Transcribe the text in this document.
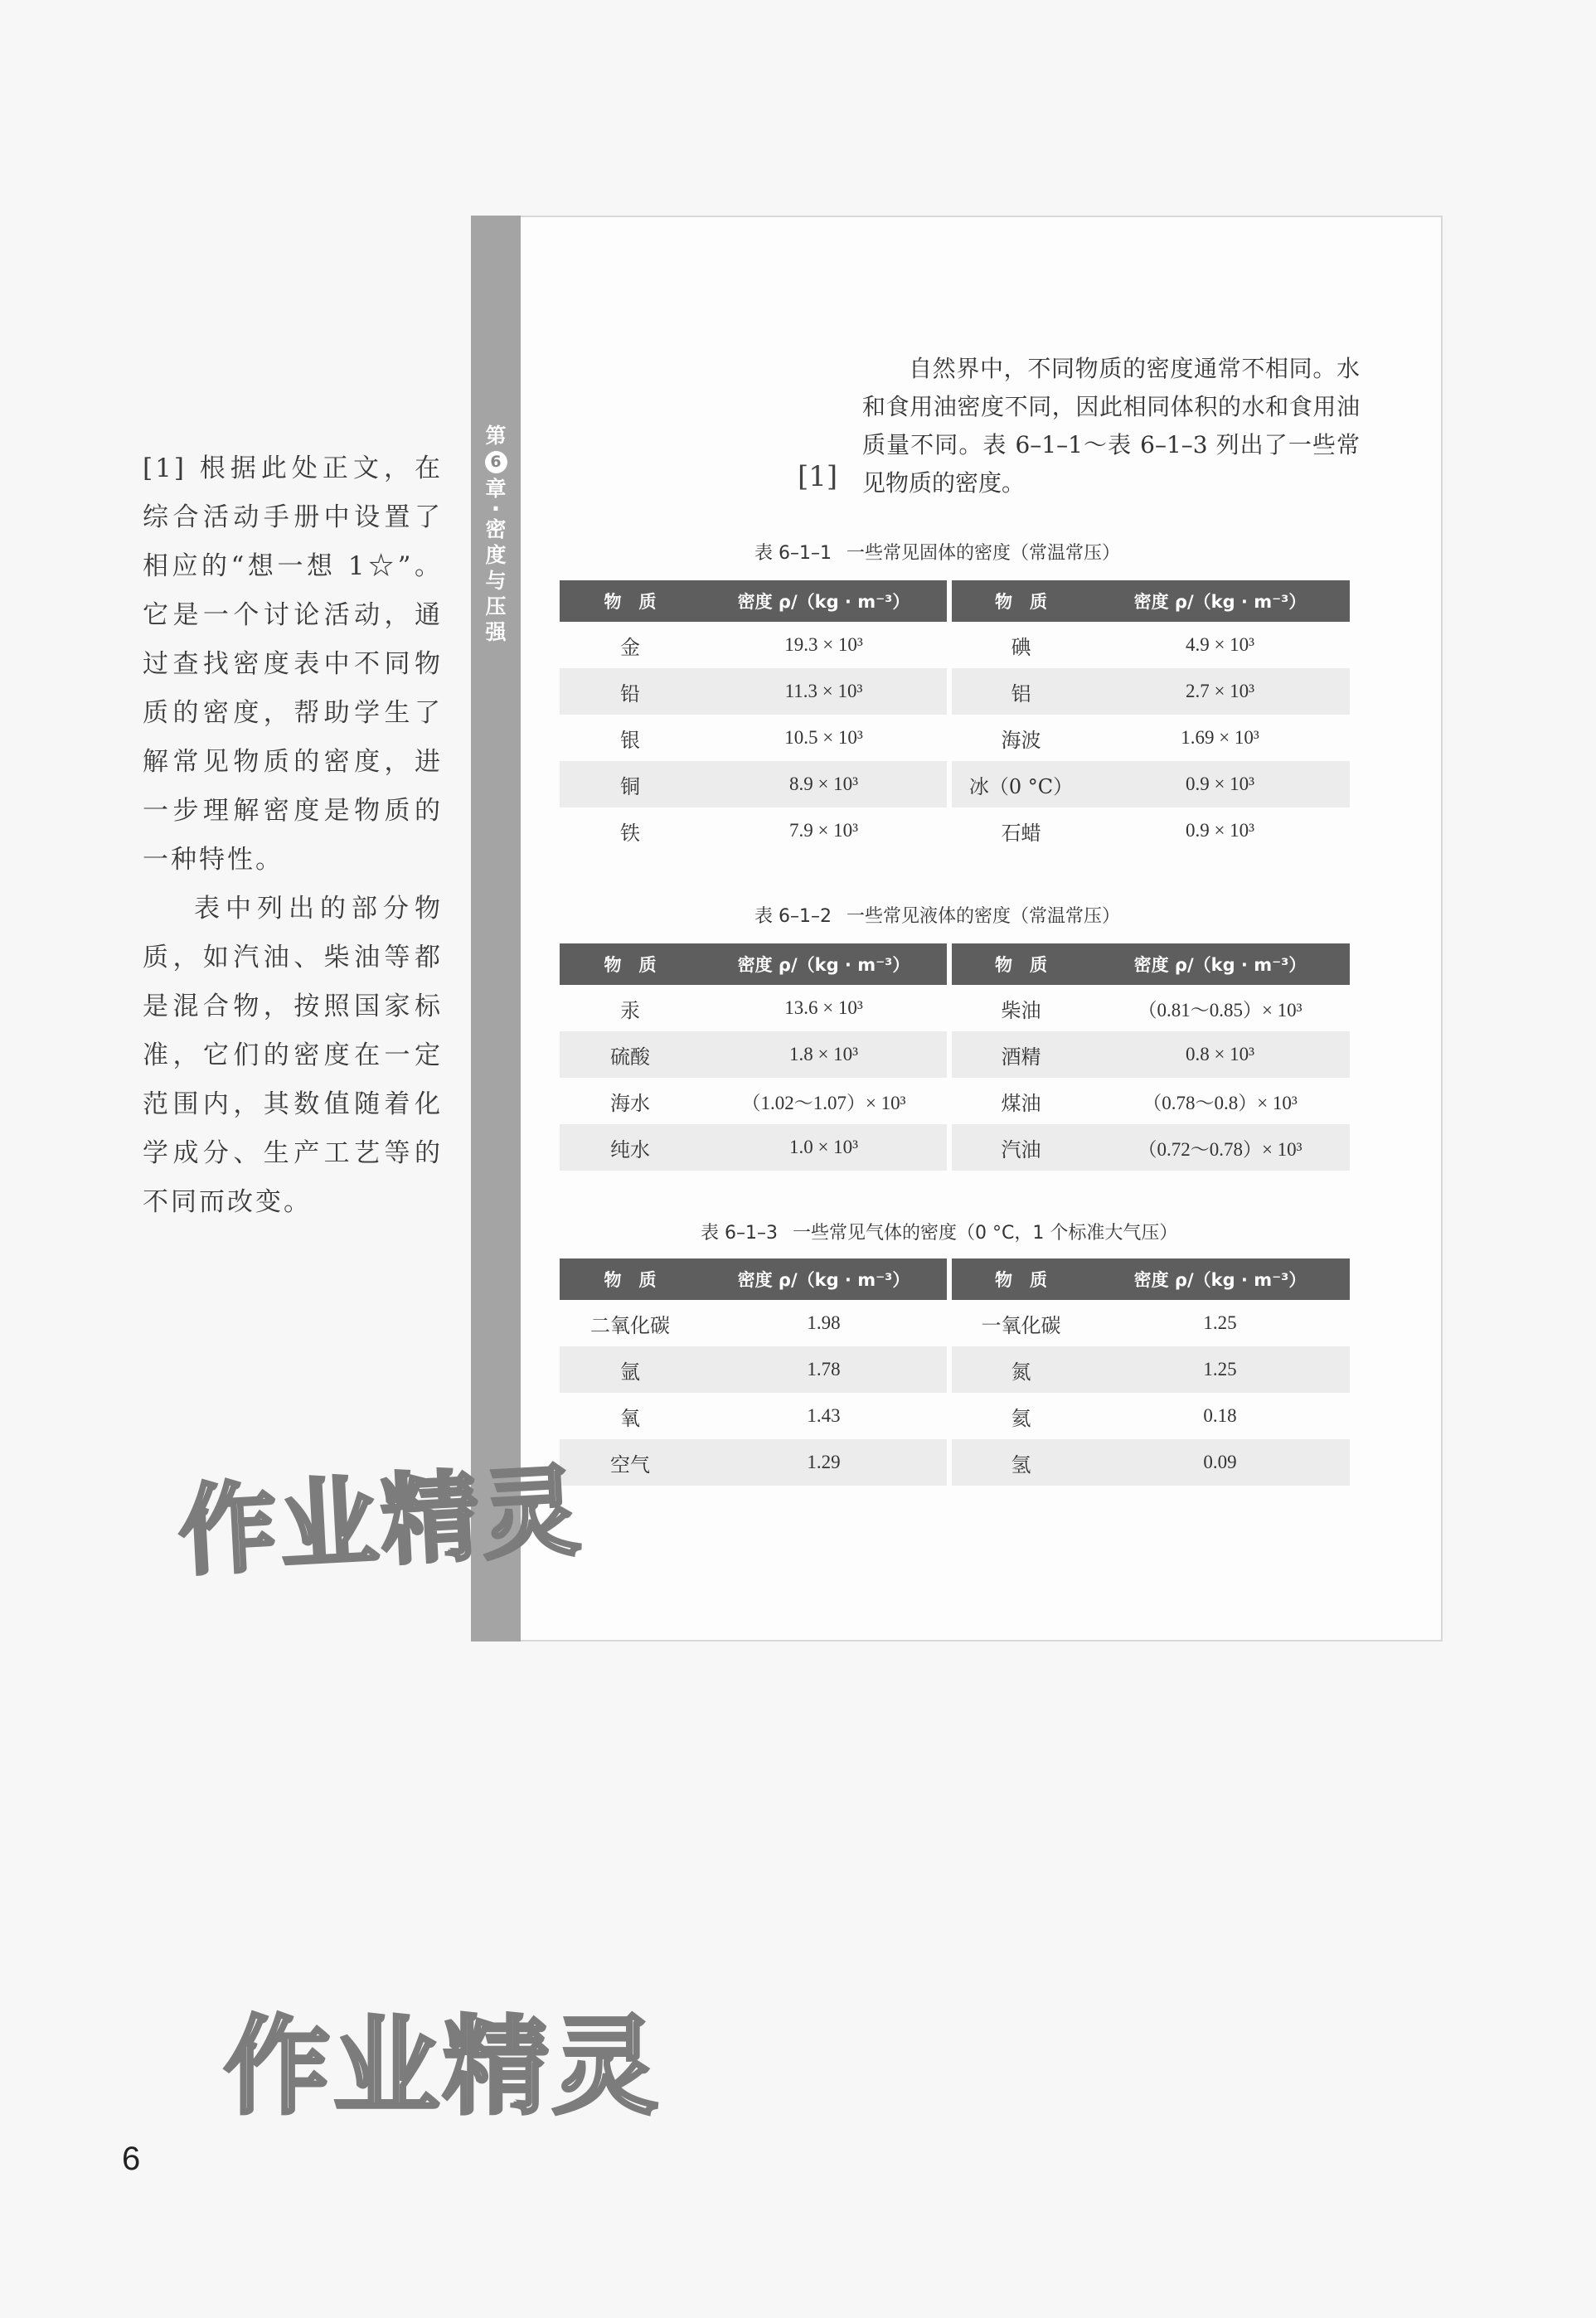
[1] 根据此处正文，在综合活动手册中设置了相应的“想一想 1☆”。它是一个讨论活动，通过查找密度表中不同物质的密度，帮助学生了解常见物质的密度，进一步理解密度是物质的一种特性。

表中列出的部分物质，如汽油、柴油等都是混合物，按照国家标准，它们的密度在一定范围内，其数值随着化学成分、生产工艺等的不同而改变。

第
6
章
·
密
度
与
压
强

自然界中，不同物质的密度通常不相同。水和食用油密度不同，因此相同体积的水和食用油质量不同。表 6–1–1～表 6–1–3 列出了一些常见物质的密度。

[1]
表 6–1–1 一些常见固体的密度（常温常压）
物　质	密度 ρ/（kg · m⁻³）	物　质	密度 ρ/（kg · m⁻³）
金	19.3 × 10³	碘	4.9 × 10³
铅	11.3 × 10³	铝	2.7 × 10³
银	10.5 × 10³	海波	1.69 × 10³
铜	8.9 × 10³	冰（0 °C）	0.9 × 10³
铁	7.9 × 10³	石蜡	0.9 × 10³
表 6–1–2 一些常见液体的密度（常温常压）
物　质	密度 ρ/（kg · m⁻³）	物　质	密度 ρ/（kg · m⁻³）
汞	13.6 × 10³	柴油	（0.81～0.85）× 10³
硫酸	1.8 × 10³	酒精	0.8 × 10³
海水	（1.02～1.07）× 10³	煤油	（0.78～0.8）× 10³
纯水	1.0 × 10³	汽油	（0.72～0.78）× 10³
表 6–1–3 一些常见气体的密度（0 °C，1 个标准大气压）
物　质	密度 ρ/（kg · m⁻³）	物　质	密度 ρ/（kg · m⁻³）
二氧化碳	1.98	一氧化碳	1.25
氩	1.78	氮	1.25
氧	1.43	氦	0.18
空气	1.29	氢	0.09
作业精灵
作业精灵
6
